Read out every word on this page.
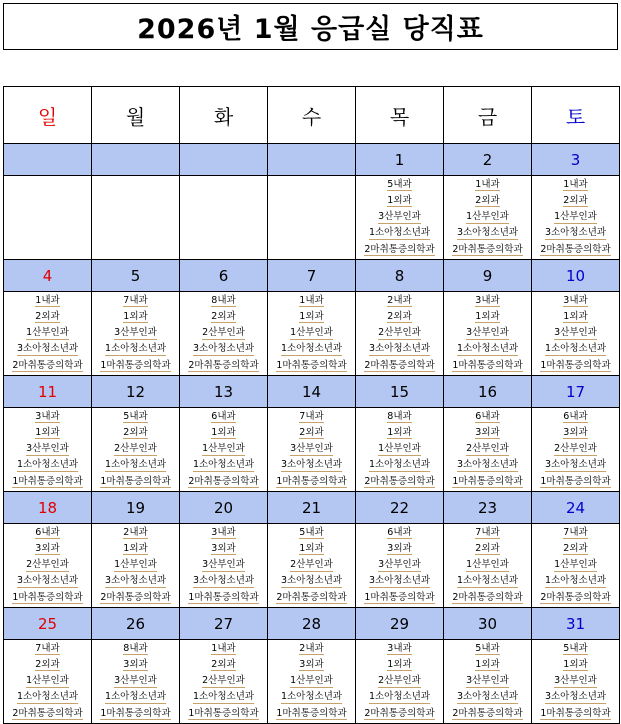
2026년 1월 응급실 당직표
일	월	화	수	목	금	토
				1	2	3

				5내과
1외과
3산부인과
1소아청소년과
2마취통증의학과	1내과
2외과
1산부인과
3소아청소년과
2마취통증의학과	1내과
2외과
1산부인과
3소아청소년과
2마취통증의학과

4	5	6	7	8	9	10

1내과
2외과
1산부인과
3소아청소년과
2마취통증의학과	7내과
1외과
3산부인과
1소아청소년과
1마취통증의학과	8내과
2외과
2산부인과
3소아청소년과
2마취통증의학과	1내과
1외과
1산부인과
1소아청소년과
1마취통증의학과	2내과
2외과
2산부인과
3소아청소년과
2마취통증의학과	3내과
1외과
3산부인과
1소아청소년과
1마취통증의학과	3내과
1외과
3산부인과
1소아청소년과
1마취통증의학과

11	12	13	14	15	16	17

3내과
1외과
3산부인과
1소아청소년과
1마취통증의학과	5내과
2외과
2산부인과
1소아청소년과
1마취통증의학과	6내과
1외과
1산부인과
1소아청소년과
2마취통증의학과	7내과
2외과
3산부인과
3소아청소년과
1마취통증의학과	8내과
1외과
1산부인과
1소아청소년과
2마취통증의학과	6내과
3외과
2산부인과
3소아청소년과
1마취통증의학과	6내과
3외과
2산부인과
3소아청소년과
1마취통증의학과

18	19	20	21	22	23	24

6내과
3외과
2산부인과
3소아청소년과
1마취통증의학과	2내과
1외과
1산부인과
3소아청소년과
2마취통증의학과	3내과
3외과
3산부인과
3소아청소년과
1마취통증의학과	5내과
1외과
2산부인과
3소아청소년과
2마취통증의학과	6내과
3외과
3산부인과
3소아청소년과
1마취통증의학과	7내과
2외과
1산부인과
1소아청소년과
2마취통증의학과	7내과
2외과
1산부인과
1소아청소년과
2마취통증의학과

25	26	27	28	29	30	31

7내과
2외과
1산부인과
1소아청소년과
2마취통증의학과	8내과
3외과
3산부인과
1소아청소년과
1마취통증의학과	1내과
2외과
2산부인과
1소아청소년과
1마취통증의학과	2내과
3외과
1산부인과
1소아청소년과
1마취통증의학과	3내과
1외과
2산부인과
1소아청소년과
2마취통증의학과	5내과
1외과
3산부인과
3소아청소년과
2마취통증의학과	5내과
1외과
3산부인과
3소아청소년과
1마취통증의학과
